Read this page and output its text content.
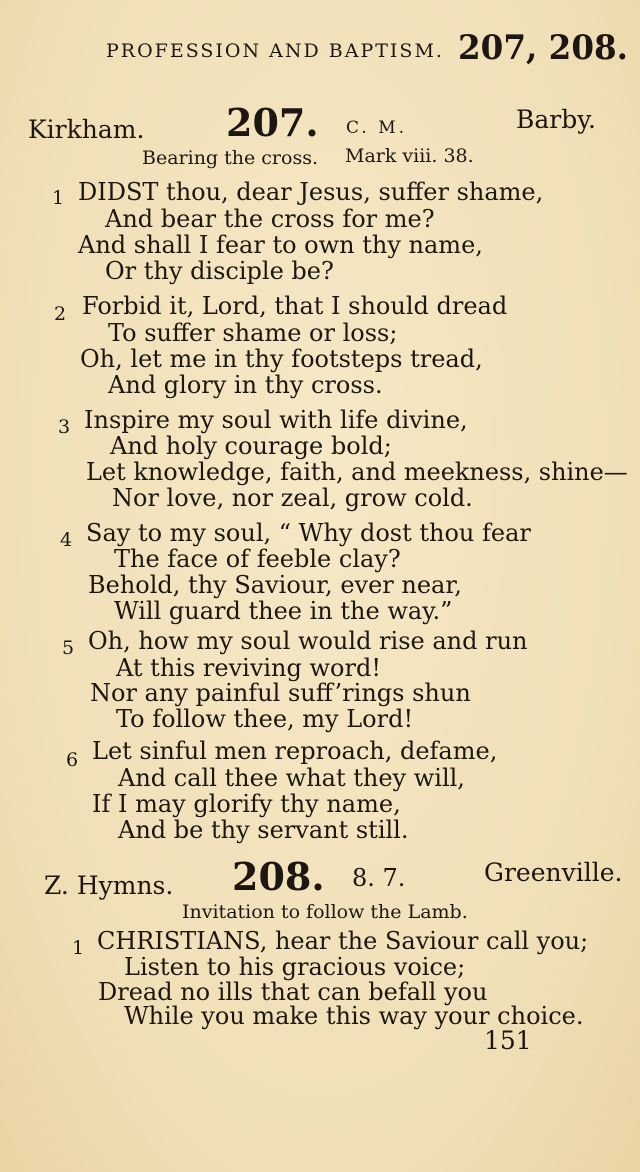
PROFESSION AND BAPTISM. 207, 208.
Kirkham. 207. C. M.	Barby.
Bearing the cross. Mark viii. 38.
1 DIDST thou, dear Jesus, suffer shame,
And bear the cross for me?
And shall I fear to own thy name,
Or thy disciple be?
2 Forbid it, Lord, that I should dread
To suffer shame or loss;
Oh, let me in thy footsteps tread,
And glory in thy cross.
3 Inspire my soul with life divine,
And holy courage bold;
Let knowledge, faith, and meekness, shine—
Nor love, nor zeal, grow cold.
4 Say to my soul, “ Why dost thou fear
The face of feeble clay?
Behold, thy Saviour, ever near,
Will guard thee in the way.”
5 Oh, how my soul would rise and run
At this reviving word!
Nor any painful suff’rings shun
To follow thee, my Lord!
6 Let sinful men reproach, defame,
And call thee what they will,
If I may glorify thy name,
And be thy servant still.
Z. Hymns. 208. 8. 7.	Greenville.
Invitation to follow the Lamb.
1 CHRISTIANS, hear the Saviour call you;
Listen to his gracious voice;
Dread no ills that can befall you
While you make this way your choice.
151
